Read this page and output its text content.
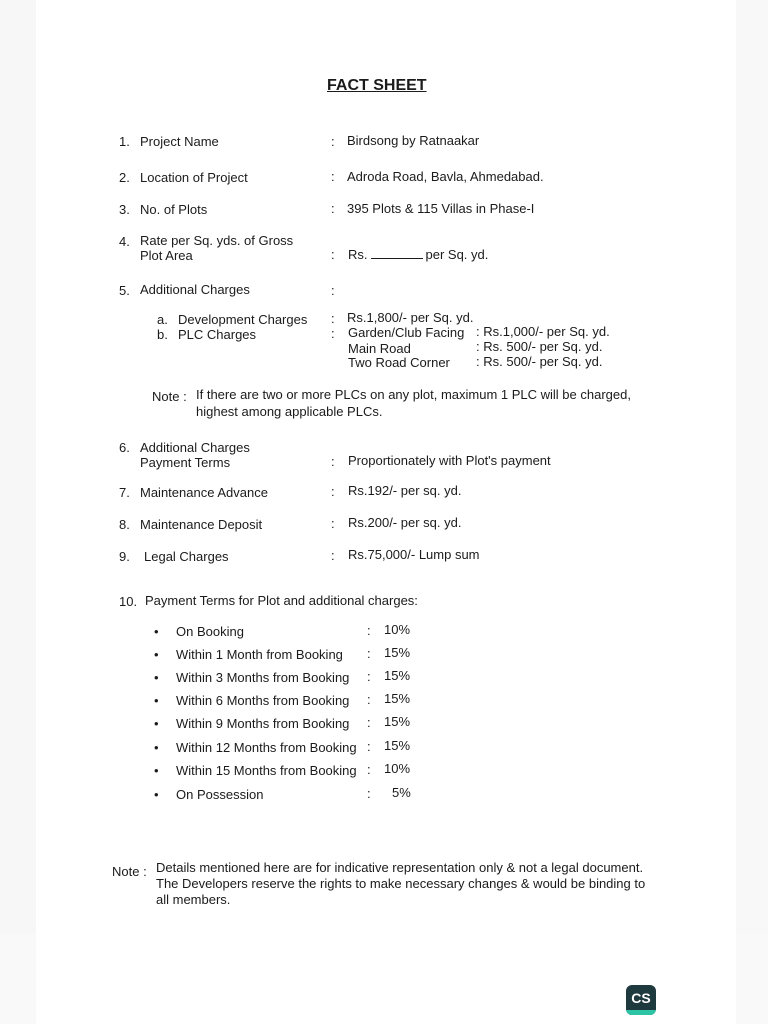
FACT SHEET
1. Project Name	: Birdsong by Ratnaakar
2. Location of Project	: Adroda Road, Bavla, Ahmedabad.
3. No. of Plots	: 395 Plots & 115 Villas in Phase-I
4. Rate per Sq. yds. of Gross
Plot Area	: Rs.	per Sq. yd.
5. Additional Charges	:
a. Development Charges : Rs.1,800/- per Sq. yd.
b. PLC Charges	: Garden/Club Facing : Rs.1,000/- per Sq. yd.
Main Road	: Rs. 500/- per Sq. yd.
Two Road Corner : Rs. 500/- per Sq. yd.
Note : If there are two or more PLCs on any plot, maximum 1 PLC will be charged,
highest among applicable PLCs.
6. Additional Charges
Payment Terms	: Proportionately with Plot's payment
7. Maintenance Advance	: Rs.192/- per sq. yd.
8. Maintenance Deposit	: Rs.200/- per sq. yd.
9. Legal Charges	: Rs.75,000/- Lump sum
10. Payment Terms for Plot and additional charges:
• On Booking	: 10%
• Within 1 Month from Booking : 15%
• Within 3 Months from Booking : 15%
• Within 6 Months from Booking : 15%
• Within 9 Months from Booking : 15%
• Within 12 Months from Booking : 15%
• Within 15 Months from Booking : 10%
• On Possession	: 5%
Note : Details mentioned here are for indicative representation only & not a legal document.
The Developers reserve the rights to make necessary changes & would be binding to
all members.
CS
